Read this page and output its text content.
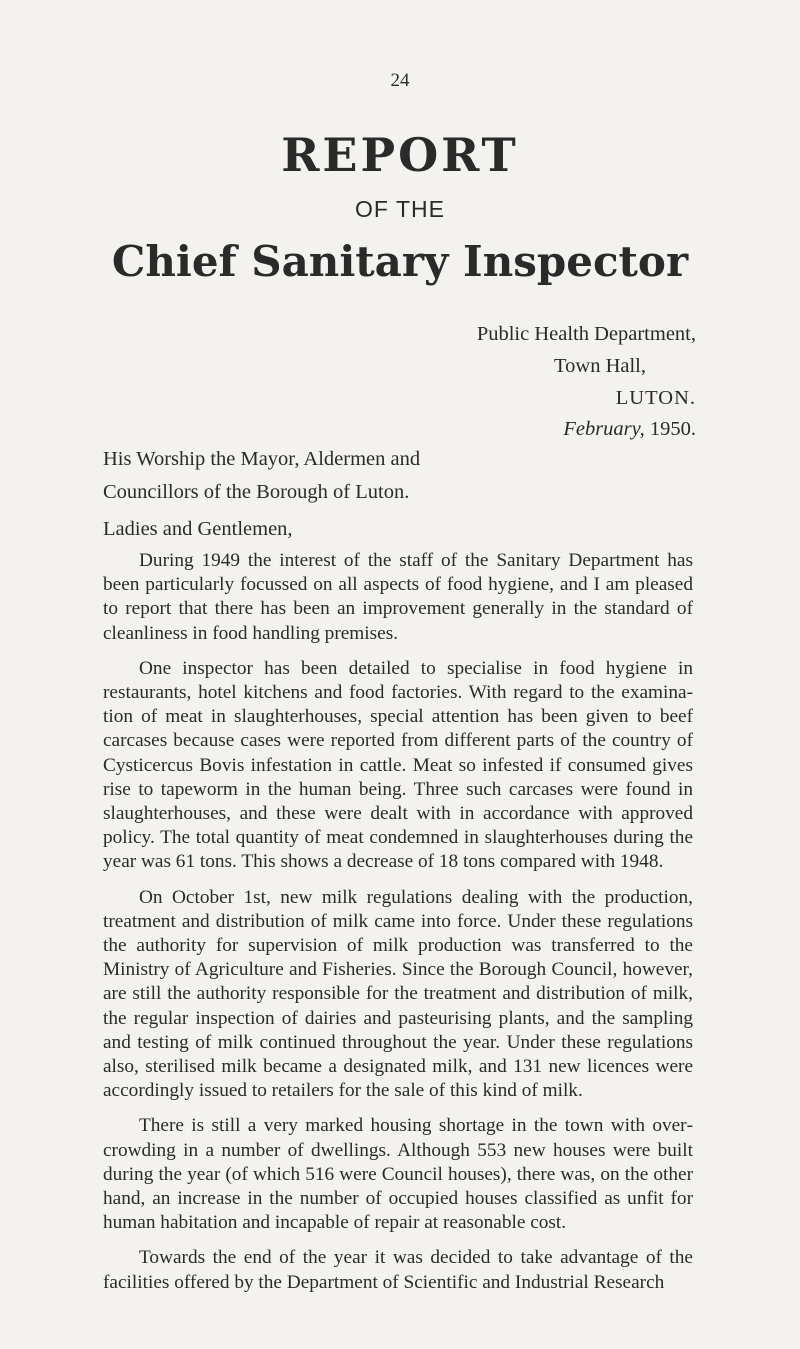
24
REPORT
OF THE
Chief Sanitary Inspector
Public Health Department,
Town Hall,
LUTON.
February, 1950.
His Worship the Mayor, Aldermen and
Councillors of the Borough of Luton.
Ladies and Gentlemen,

During 1949 the interest of the staff of the Sanitary Department has been particularly focussed on all aspects of food hygiene, and I am pleased to report that there has been an improvement generally in the standard of cleanliness in food handling premises.

One inspector has been detailed to specialise in food hygiene in restaurants, hotel kitchens and food factories. With regard to the examination of meat in slaughterhouses, special attention has been given to beef carcases because cases were reported from different parts of the country of Cysticercus Bovis infestation in cattle. Meat so infested if consumed gives rise to tapeworm in the human being. Three such carcases were found in slaughterhouses, and these were dealt with in accordance with approved policy. The total quantity of meat condemned in slaughterhouses during the year was 61 tons. This shows a decrease of 18 tons compared with 1948.

On October 1st, new milk regulations dealing with the production, treatment and distribution of milk came into force. Under these regulations the authority for supervision of milk production was transferred to the Ministry of Agriculture and Fisheries. Since the Borough Council, however, are still the authority responsible for the treatment and distribution of milk, the regular inspection of dairies and pasteurising plants, and the sampling and testing of milk continued throughout the year. Under these regulations also, sterilised milk became a designated milk, and 131 new licences were accordingly issued to retailers for the sale of this kind of milk.

There is still a very marked housing shortage in the town with overcrowding in a number of dwellings. Although 553 new houses were built during the year (of which 516 were Council houses), there was, on the other hand, an increase in the number of occupied houses classified as unfit for human habitation and incapable of repair at reasonable cost.

Towards the end of the year it was decided to take advantage of the facilities offered by the Department of Scientific and Industrial Research
